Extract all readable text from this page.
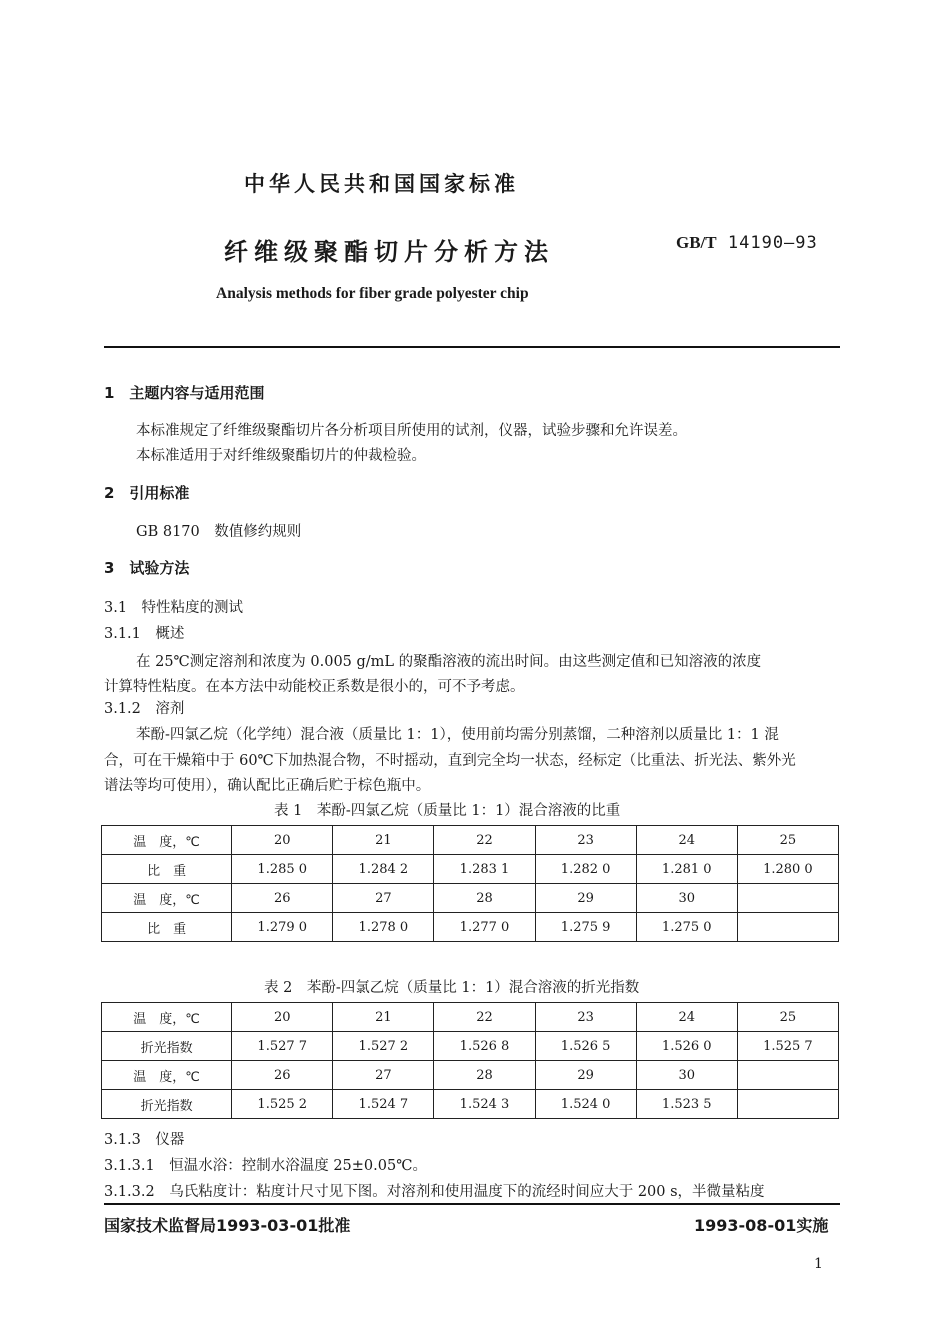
中华人民共和国国家标准
纤维级聚酯切片分析方法	GB/T 14190—93
Analysis methods for fiber grade polyester chip
1　主题内容与适用范围
本标准规定了纤维级聚酯切片各分析项目所使用的试剂，仪器，试验步骤和允许误差。
本标准适用于对纤维级聚酯切片的仲裁检验。
2　引用标准
GB 8170　数值修约规则
3　试验方法
3.1　特性粘度的测试
3.1.1　概述
在 25℃测定溶剂和浓度为 0.005 g/mL 的聚酯溶液的流出时间。由这些测定值和已知溶液的浓度
计算特性粘度。在本方法中动能校正系数是很小的，可不予考虑。
3.1.2　溶剂
苯酚-四氯乙烷（化学纯）混合液（质量比 1：1），使用前均需分别蒸馏，二种溶剂以质量比 1：1 混
合，可在干燥箱中于 60℃下加热混合物，不时摇动，直到完全均一状态，经标定（比重法、折光法、紫外光
谱法等均可使用），确认配比正确后贮于棕色瓶中。
表 1　苯酚-四氯乙烷（质量比 1：1）混合溶液的比重
温　度，℃	20	21	22	23	24	25
比　重	1.285 0	1.284 2	1.283 1	1.282 0	1.281 0	1.280 0
温　度，℃	26	27	28	29	30	
比　重	1.279 0	1.278 0	1.277 0	1.275 9	1.275 0	
表 2　苯酚-四氯乙烷（质量比 1：1）混合溶液的折光指数
温　度，℃	20	21	22	23	24	25
折光指数	1.527 7	1.527 2	1.526 8	1.526 5	1.526 0	1.525 7
温　度，℃	26	27	28	29	30	
折光指数	1.525 2	1.524 7	1.524 3	1.524 0	1.523 5	
3.1.3　仪器
3.1.3.1　恒温水浴：控制水浴温度 25±0.05℃。
3.1.3.2　乌氏粘度计：粘度计尺寸见下图。对溶剂和使用温度下的流经时间应大于 200 s，半微量粘度
国家技术监督局1993-03-01批准	1993-08-01实施
1
